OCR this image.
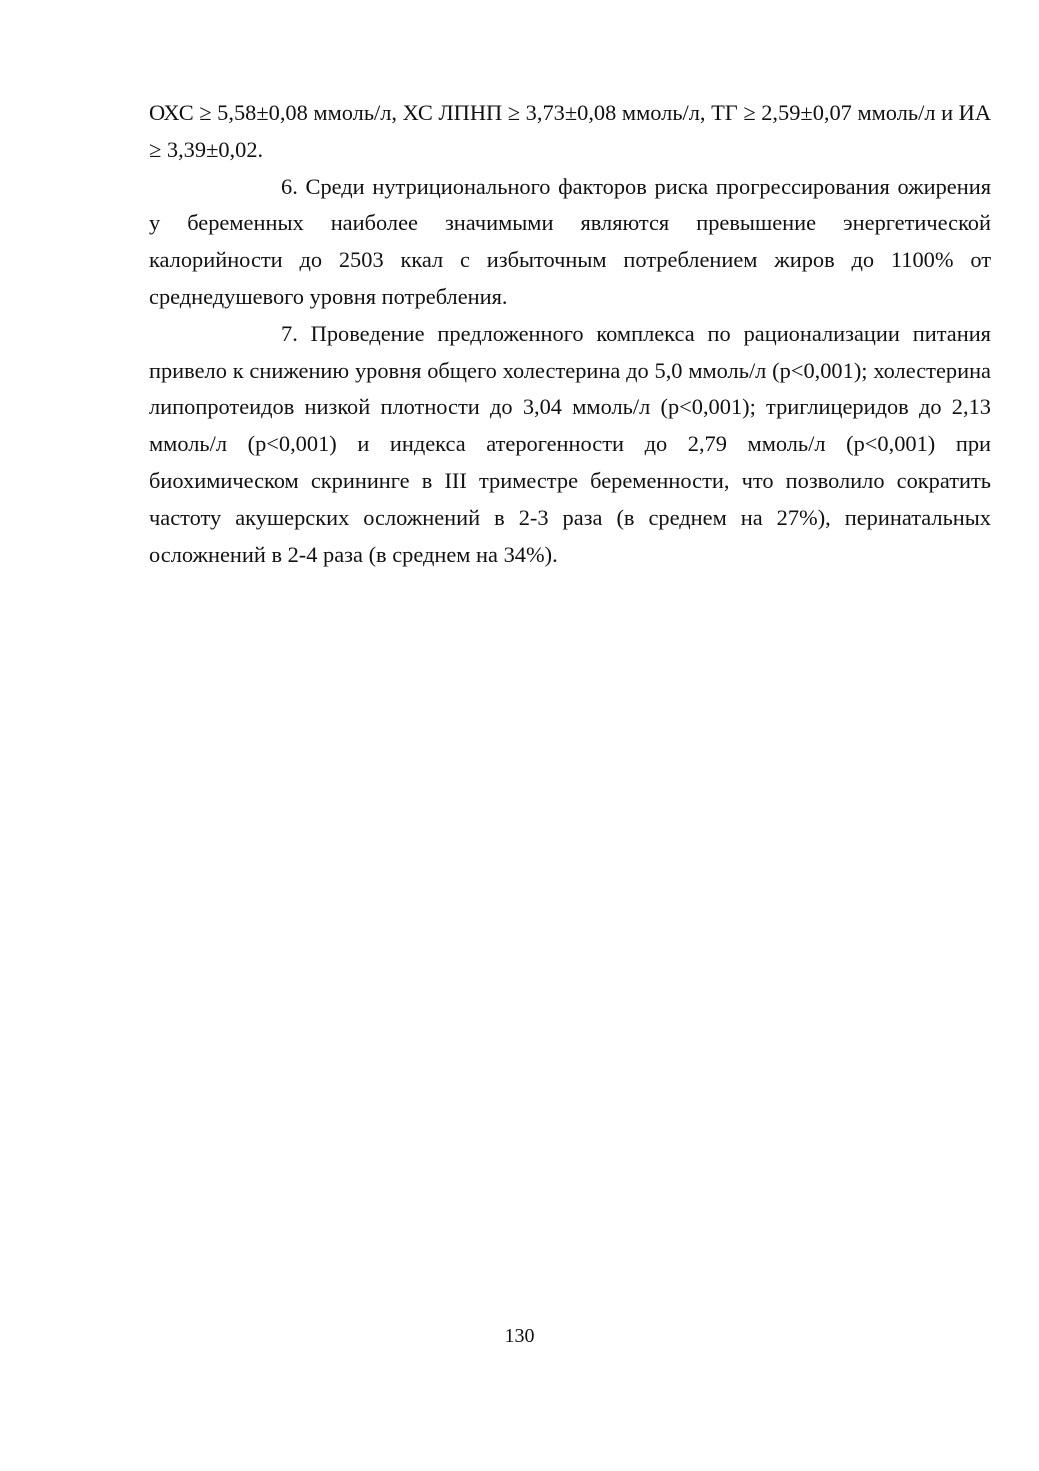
ОХС ≥ 5,58±0,08 ммоль/л, ХС ЛПНП ≥ 3,73±0,08 ммоль/л, ТГ ≥ 2,59±0,07 ммоль/л и ИА ≥ 3,39±0,02.

6. Среди нутриционального факторов риска прогрессирования ожирения у беременных наиболее значимыми являются превышение энергетической калорийности до 2503 ккал с избыточным потреблением жиров до 1100% от среднедушевого уровня потребления.

7. Проведение предложенного комплекса по рационализации питания привело к снижению уровня общего холестерина до 5,0 ммоль/л (р<0,001); холестерина липопротеидов низкой плотности до 3,04 ммоль/л (р<0,001); триглицеридов до 2,13 ммоль/л (р<0,001) и индекса атерогенности до 2,79 ммоль/л (р<0,001) при биохимическом скрининге в III триместре беременности, что позволило сократить частоту акушерских осложнений в 2-3 раза (в среднем на 27%), перинатальных осложнений в 2-4 раза (в среднем на 34%).

130
